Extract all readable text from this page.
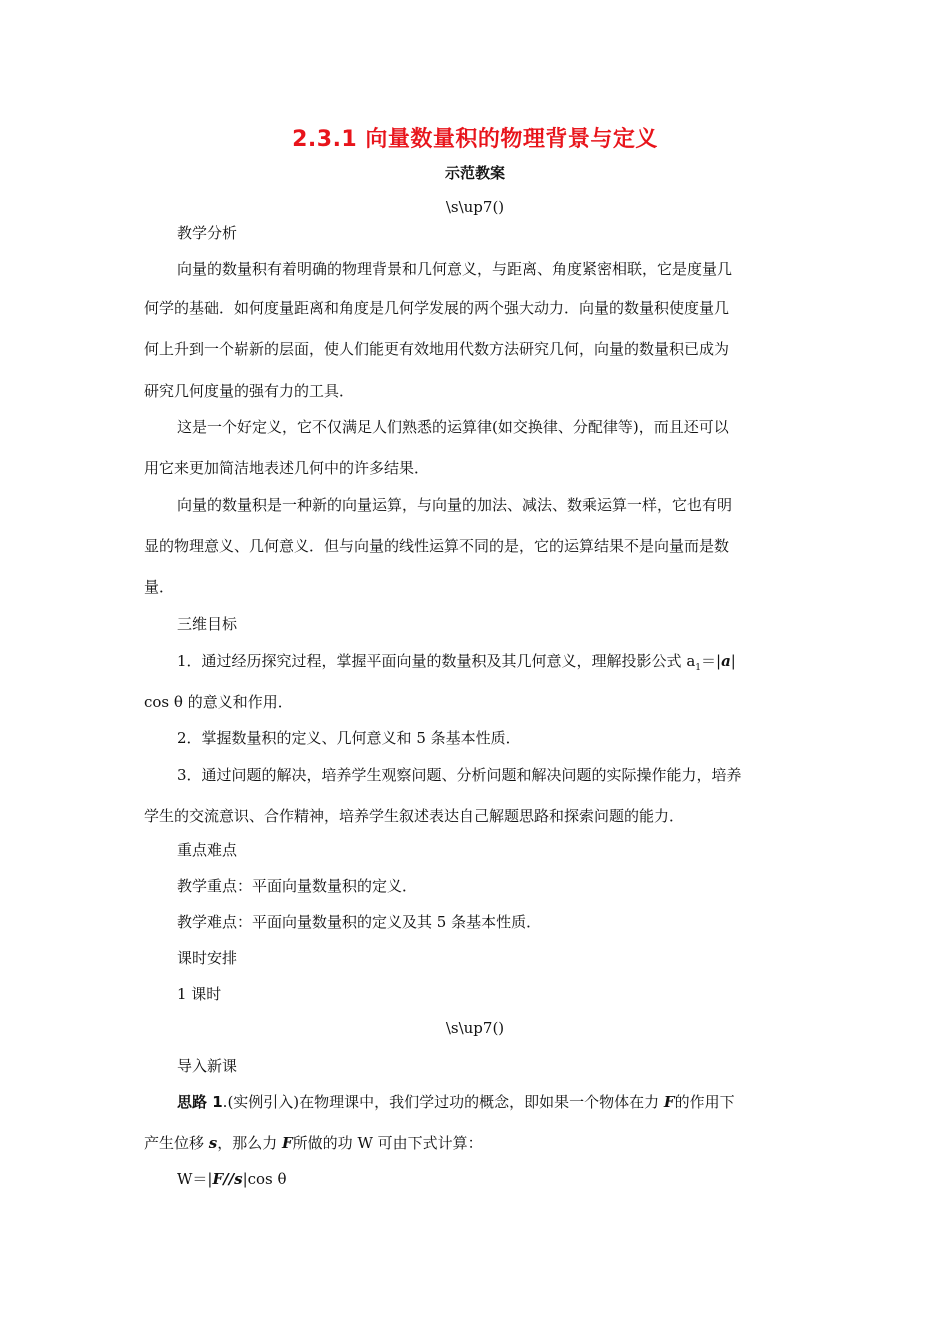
2.3.1 向量数量积的物理背景与定义
示范教案
\s\up7()
教学分析
向量的数量积有着明确的物理背景和几何意义，与距离、角度紧密相联，它是度量几
何学的基础．如何度量距离和角度是几何学发展的两个强大动力．向量的数量积使度量几
何上升到一个崭新的层面，使人们能更有效地用代数方法研究几何，向量的数量积已成为
研究几何度量的强有力的工具．
这是一个好定义，它不仅满足人们熟悉的运算律(如交换律、分配律等)，而且还可以
用它来更加简洁地表述几何中的许多结果．
向量的数量积是一种新的向量运算，与向量的加法、减法、数乘运算一样，它也有明
显的物理意义、几何意义．但与向量的线性运算不同的是，它的运算结果不是向量而是数
量．
三维目标
1．通过经历探究过程，掌握平面向量的数量积及其几何意义，理解投影公式 $a_1=|a|$
cos θ 的意义和作用．
2．掌握数量积的定义、几何意义和 5 条基本性质．
3．通过问题的解决，培养学生观察问题、分析问题和解决问题的实际操作能力，培养
学生的交流意识、合作精神，培养学生叙述表达自己解题思路和探索问题的能力．
重点难点
教学重点：平面向量数量积的定义．
教学难点：平面向量数量积的定义及其 5 条基本性质．
课时安排
1 课时
\s\up7()
导入新课
思路 1.(实例引入)在物理课中，我们学过功的概念，即如果一个物体在力 F的作用下
产生位移 s，那么力 F所做的功 W 可由下式计算：
W＝|F//s|cos θ
